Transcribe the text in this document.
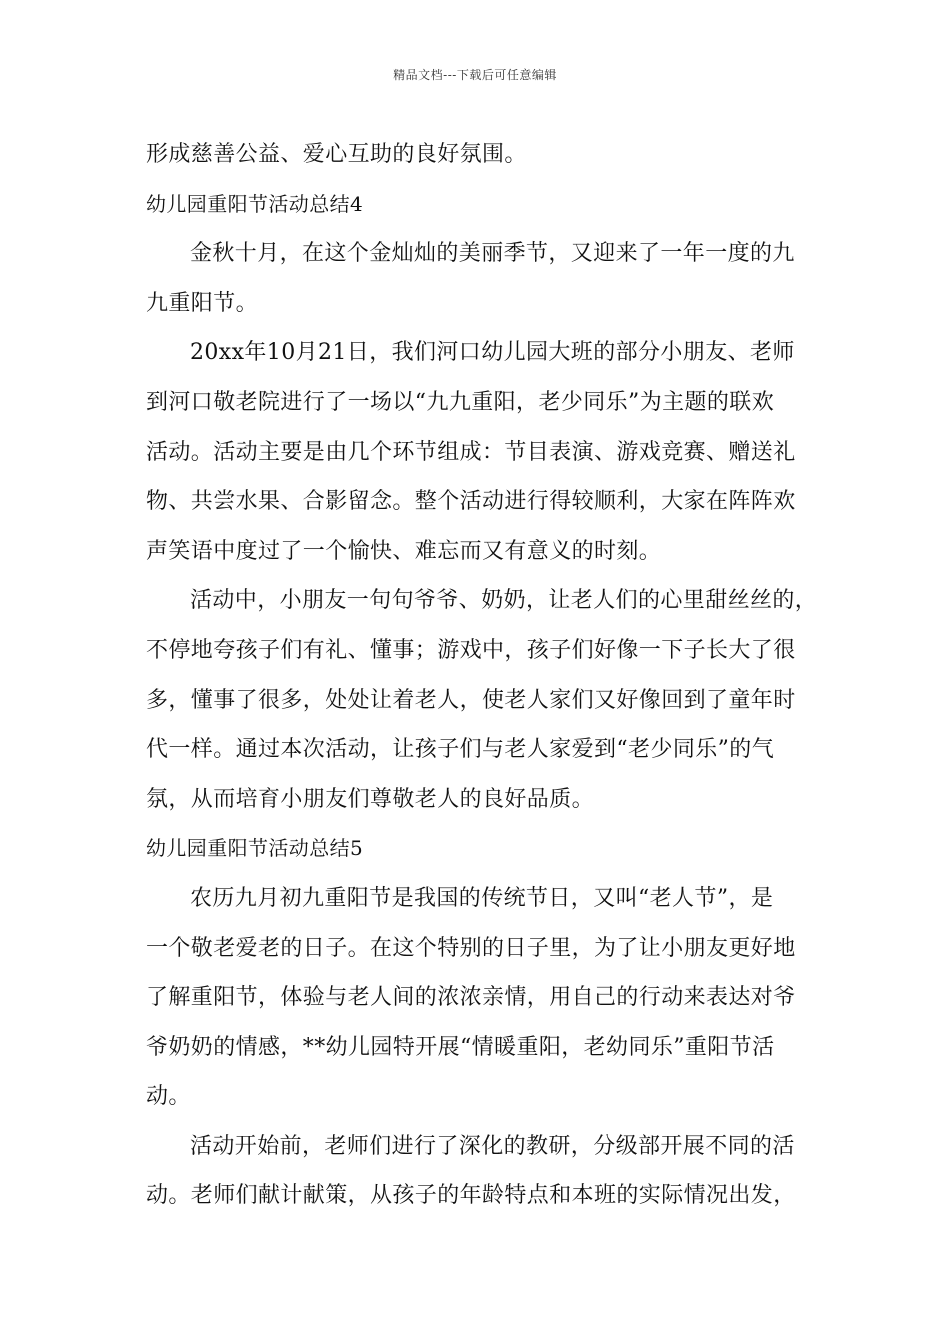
精品文档---下载后可任意编辑
形成慈善公益、爱心互助的良好氛围。
幼儿园重阳节活动总结4
金秋十月，在这个金灿灿的美丽季节，又迎来了一年一度的九
九重阳节。
20xx年10月21日，我们河口幼儿园大班的部分小朋友、老师
到河口敬老院进行了一场以“九九重阳，老少同乐”为主题的联欢
活动。活动主要是由几个环节组成：节目表演、游戏竞赛、赠送礼
物、共尝水果、合影留念。整个活动进行得较顺利，大家在阵阵欢
声笑语中度过了一个愉快、难忘而又有意义的时刻。
活动中，小朋友一句句爷爷、奶奶，让老人们的心里甜丝丝的，
不停地夸孩子们有礼、懂事；游戏中，孩子们好像一下子长大了很
多，懂事了很多，处处让着老人，使老人家们又好像回到了童年时
代一样。通过本次活动，让孩子们与老人家爱到“老少同乐”的气
氛，从而培育小朋友们尊敬老人的良好品质。
幼儿园重阳节活动总结5
农历九月初九重阳节是我国的传统节日，又叫“老人节”，是
一个敬老爱老的日子。在这个特别的日子里，为了让小朋友更好地
了解重阳节，体验与老人间的浓浓亲情，用自己的行动来表达对爷
爷奶奶的情感，**幼儿园特开展“情暖重阳，老幼同乐”重阳节活
动。
活动开始前，老师们进行了深化的教研，分级部开展不同的活
动。老师们献计献策，从孩子的年龄特点和本班的实际情况出发，
